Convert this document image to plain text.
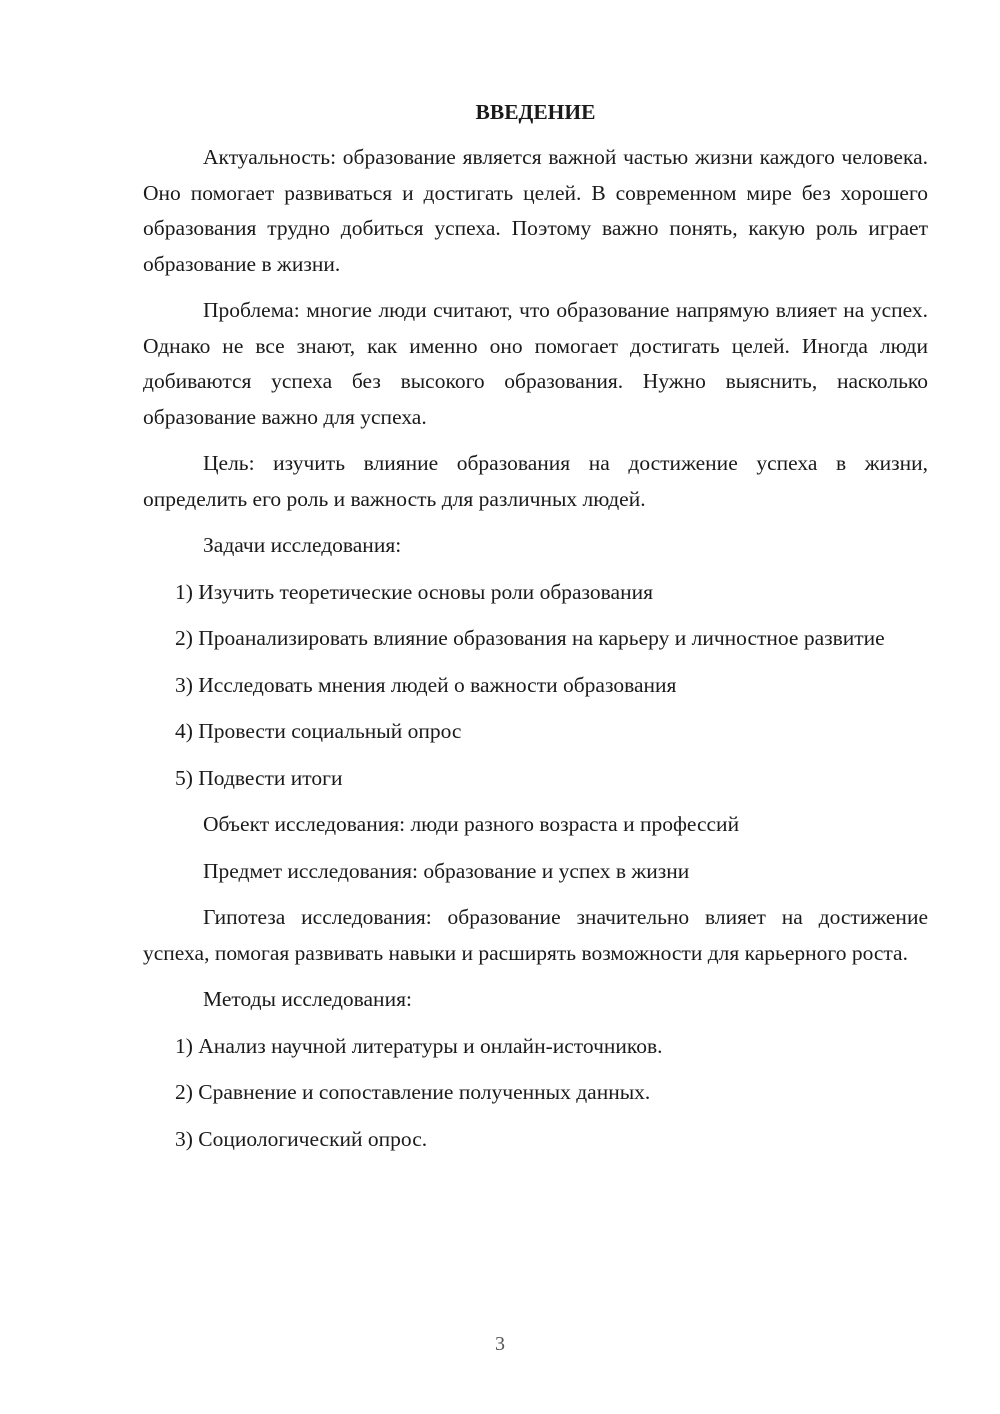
ВВЕДЕНИЕ

Актуальность: образование является важной частью жизни каждого человека. Оно помогает развиваться и достигать целей. В современном мире без хорошего образования трудно добиться успеха. Поэтому важно понять, какую роль играет образование в жизни.

Проблема: многие люди считают, что образование напрямую влияет на успех. Однако не все знают, как именно оно помогает достигать целей. Иногда люди добиваются успеха без высокого образования. Нужно выяснить, насколько образование важно для успеха.

Цель: изучить влияние образования на достижение успеха в жизни, определить его роль и важность для различных людей.

Задачи исследования:

1) Изучить теоретические основы роли образования

2) Проанализировать влияние образования на карьеру и личностное развитие

3) Исследовать мнения людей о важности образования

4) Провести социальный опрос

5) Подвести итоги

Объект исследования: люди разного возраста и профессий

Предмет исследования: образование и успех в жизни

Гипотеза исследования: образование значительно влияет на достижение успеха, помогая развивать навыки и расширять возможности для карьерного роста.

Методы исследования:

1) Анализ научной литературы и онлайн-источников.

2) Сравнение и сопоставление полученных данных.

3) Социологический опрос.

3
